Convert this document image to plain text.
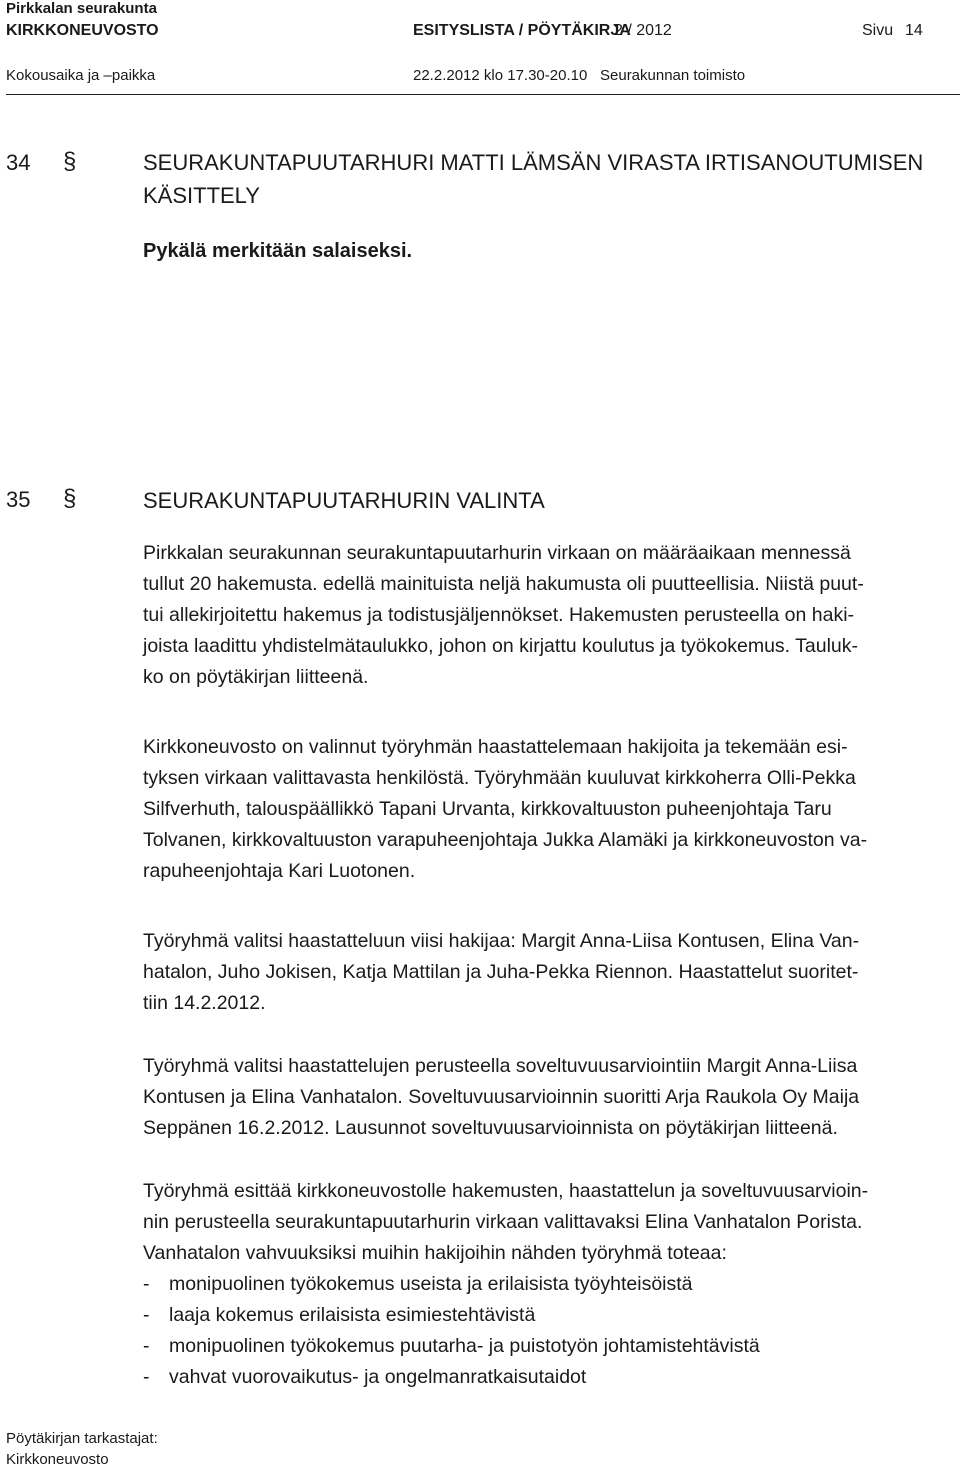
Pirkkalan seurakunta
KIRKKONEUVOSTO	ESITYSLISTA / PÖYTÄKIRJA
2 / 2012	Sivu 14
Kokousaika ja –paikka	22.2.2012 klo 17.30-20.10 Seurakunnan toimisto
34 §	SEURAKUNTAPUUTARHURI MATTI LÄMSÄN VIRASTA IRTISANOUTUMISEN KÄSITTELY
Pykälä merkitään salaiseksi.
35 §	SEURAKUNTAPUUTARHURIN VALINTA
Pirkkalan seurakunnan seurakuntapuutarhurin virkaan on määräaikaan mennessä
tullut 20 hakemusta. edellä mainituista neljä hakumusta oli puutteellisia. Niistä puut-
tui allekirjoitettu hakemus ja todistusjäljennökset. Hakemusten perusteella on haki-
joista laadittu yhdistelmätaulukko, johon on kirjattu koulutus ja työkokemus. Tauluk-
ko on pöytäkirjan liitteenä.
Kirkkoneuvosto on valinnut työryhmän haastattelemaan hakijoita ja tekemään esi-
tyksen virkaan valittavasta henkilöstä. Työryhmään kuuluvat kirkkoherra Olli-Pekka
Silfverhuth, talouspäällikkö Tapani Urvanta, kirkkovaltuuston puheenjohtaja Taru
Tolvanen, kirkkovaltuuston varapuheenjohtaja Jukka Alamäki ja kirkkoneuvoston va-
rapuheenjohtaja Kari Luotonen.
Työryhmä valitsi haastatteluun viisi hakijaa: Margit Anna-Liisa Kontusen, Elina Van-
hatalon, Juho Jokisen, Katja Mattilan ja Juha-Pekka Riennon. Haastattelut suoritet-
tiin 14.2.2012.
Työryhmä valitsi haastattelujen perusteella soveltuvuusarviointiin Margit Anna-Liisa
Kontusen ja Elina Vanhatalon. Soveltuvuusarvioinnin suoritti Arja Raukola Oy Maija
Seppänen 16.2.2012. Lausunnot soveltuvuusarvioinnista on pöytäkirjan liitteenä.
Työryhmä esittää kirkkoneuvostolle hakemusten, haastattelun ja soveltuvuusarvioin-
nin perusteella seurakuntapuutarhurin virkaan valittavaksi Elina Vanhatalon Porista.
Vanhatalon vahvuuksiksi muihin hakijoihin nähden työryhmä toteaa:
-	monipuolinen työkokemus useista ja erilaisista työyhteisöistä
-	laaja kokemus erilaisista esimiestehtävistä
-	monipuolinen työkokemus puutarha- ja puistotyön johtamistehtävistä
-	vahvat vuorovaikutus- ja ongelmanratkaisutaidot
Pöytäkirjan tarkastajat:
Kirkkoneuvosto
